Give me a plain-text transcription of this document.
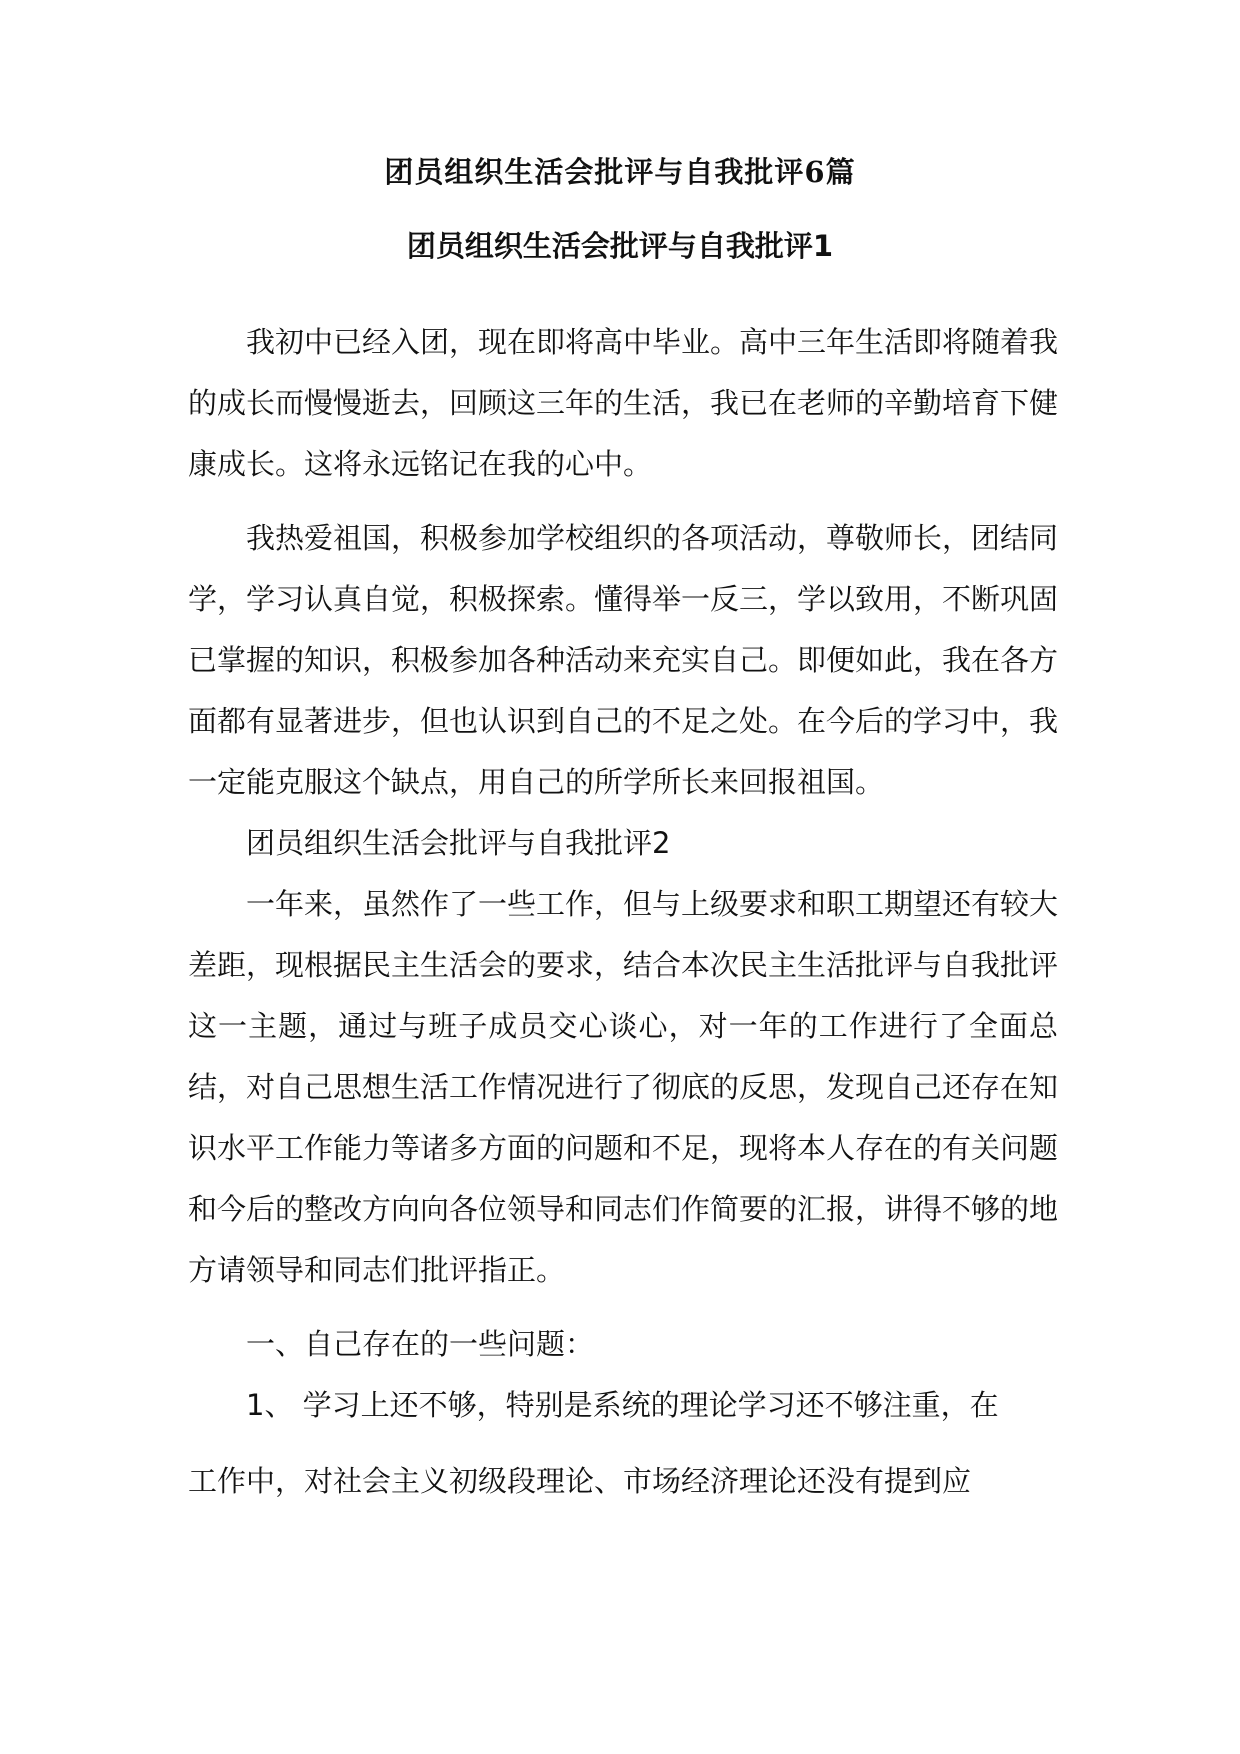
团员组织生活会批评与自我批评6篇
团员组织生活会批评与自我批评1

我初中已经入团，现在即将高中毕业。高中三年生活即将随着我的成长而慢慢逝去，回顾这三年的生活，我已在老师的辛勤培育下健康成长。这将永远铭记在我的心中。

我热爱祖国，积极参加学校组织的各项活动，尊敬师长，团结同学，学习认真自觉，积极探索。懂得举一反三，学以致用，不断巩固已掌握的知识，积极参加各种活动来充实自己。即便如此，我在各方面都有显著进步，但也认识到自己的不足之处。在今后的学习中，我一定能克服这个缺点，用自己的所学所长来回报祖国。

团员组织生活会批评与自我批评2

一年来，虽然作了一些工作，但与上级要求和职工期望还有较大差距，现根据民主生活会的要求，结合本次民主生活批评与自我批评这一主题，通过与班子成员交心谈心，对一年的工作进行了全面总结，对自己思想生活工作情况进行了彻底的反思，发现自己还存在知识水平工作能力等诸多方面的问题和不足，现将本人存在的有关问题和今后的整改方向向各位领导和同志们作简要的汇报，讲得不够的地方请领导和同志们批评指正。

一、自己存在的一些问题：

1、 学习上还不够，特别是系统的理论学习还不够注重，在
工作中，对社会主义初级段理论、市场经济理论还没有提到应
